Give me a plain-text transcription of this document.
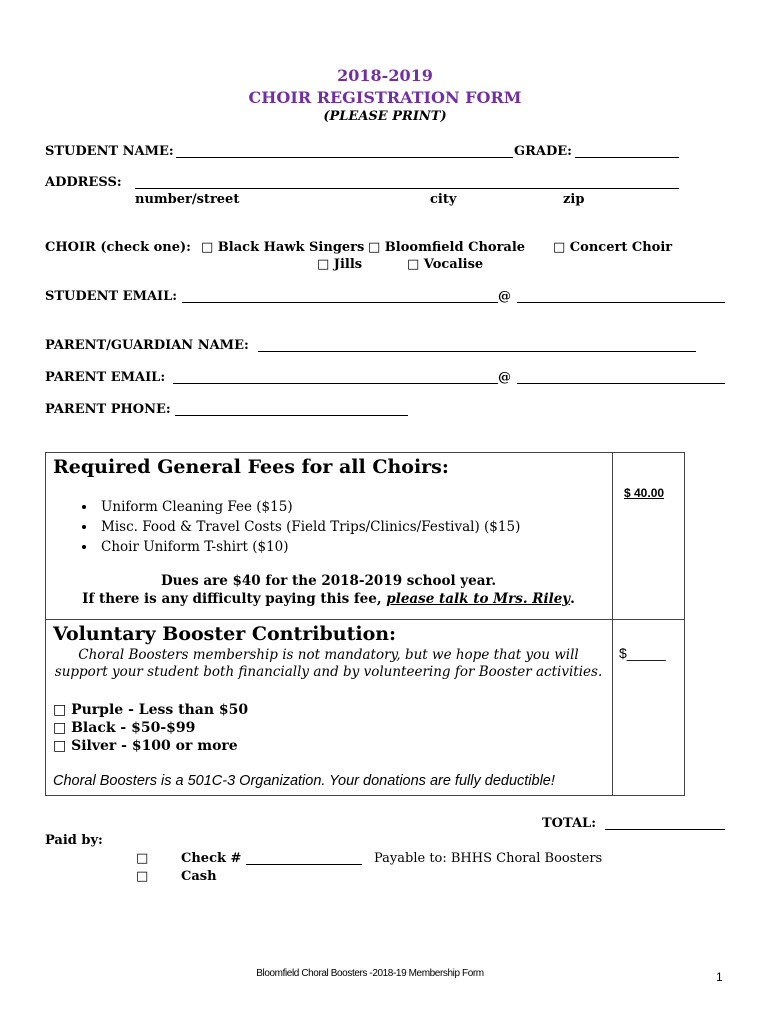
2018-2019
CHOIR REGISTRATION FORM
(PLEASE PRINT)
STUDENT NAME:	GRADE:
ADDRESS:
number/street	city	zip
CHOIR (check one): □ Black Hawk Singers □ Bloomfield Chorale □ Concert Choir
□ Jills	□ Vocalise
STUDENT EMAIL:	@
PARENT/GUARDIAN NAME:
PARENT EMAIL:	@
PARENT PHONE:
Required General Fees for all Choirs:
$ 40.00
• Uniform Cleaning Fee ($15)
• Misc. Food & Travel Costs (Field Trips/Clinics/Festival) ($15)
• Choir Uniform T-shirt ($10)
Dues are $40 for the 2018-2019 school year.
If there is any difficulty paying this fee, please talk to Mrs. Riley.
Voluntary Booster Contribution:
$_____
Choral Boosters membership is not mandatory, but we hope that you will
support your student both financially and by volunteering for Booster activities.
□ Purple - Less than $50
□ Black - $50-$99
□ Silver - $100 or more
Choral Boosters is a 501C-3 Organization. Your donations are fully deductible!
TOTAL:
Paid by:
□	Check #	Payable to: BHHS Choral Boosters
□	Cash
Bloomfield Choral Boosters -2018-19 Membership Form	1
